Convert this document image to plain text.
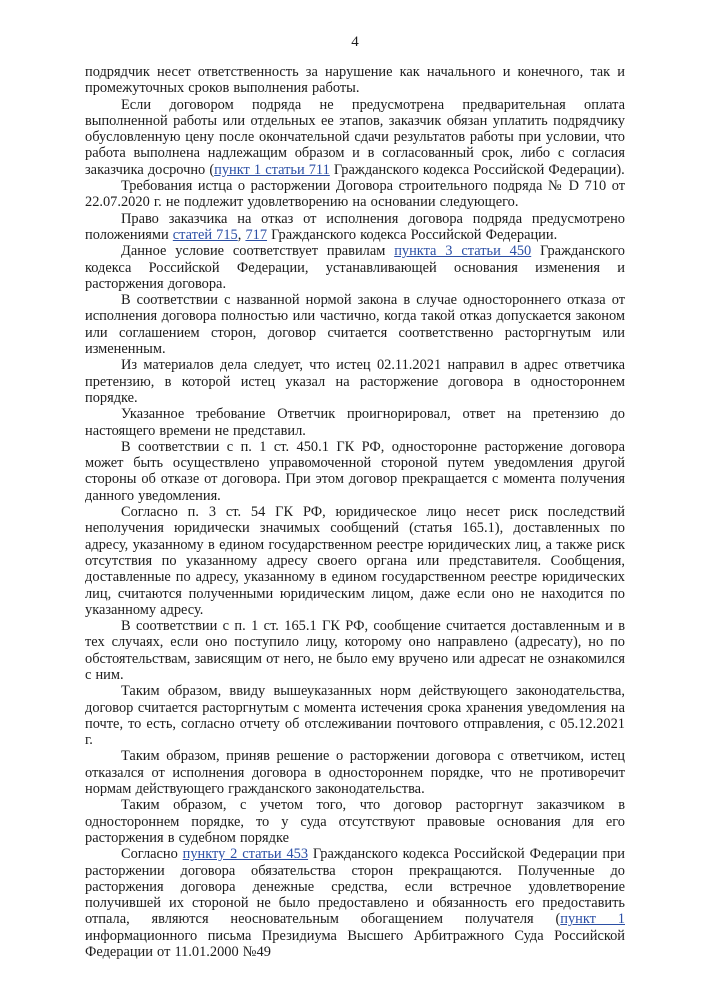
4

подрядчик несет ответственность за нарушение как начального и конечного, так и промежуточных сроков выполнения работы.

Если договором подряда не предусмотрена предварительная оплата выполненной работы или отдельных ее этапов, заказчик обязан уплатить подрядчику обусловленную цену после окончательной сдачи результатов работы при условии, что работа выполнена надлежащим образом и в согласованный срок, либо с согласия заказчика досрочно (пункт 1 статьи 711 Гражданского кодекса Российской Федерации).

Требования истца о расторжении Договора строительного подряда № D 710 от 22.07.2020 г. не подлежит удовлетворению на основании следующего.

Право заказчика на отказ от исполнения договора подряда предусмотрено положениями статей 715, 717 Гражданского кодекса Российской Федерации.

Данное условие соответствует правилам пункта 3 статьи 450 Гражданского кодекса Российской Федерации, устанавливающей основания изменения и расторжения договора.

В соответствии с названной нормой закона в случае одностороннего отказа от исполнения договора полностью или частично, когда такой отказ допускается законом или соглашением сторон, договор считается соответственно расторгнутым или измененным.

Из материалов дела следует, что истец 02.11.2021 направил в адрес ответчика претензию, в которой истец указал на расторжение договора в одностороннем порядке.

Указанное требование Ответчик проигнорировал, ответ на претензию до настоящего времени не представил.

В соответствии с п. 1 ст. 450.1 ГК РФ, односторонне расторжение договора может быть осуществлено управомоченной стороной путем уведомления другой стороны об отказе от договора. При этом договор прекращается с момента получения данного уведомления.

Согласно п. 3 ст. 54 ГК РФ, юридическое лицо несет риск последствий неполучения юридически значимых сообщений (статья 165.1), доставленных по адресу, указанному в едином государственном реестре юридических лиц, а также риск отсутствия по указанному адресу своего органа или представителя. Сообщения, доставленные по адресу, указанному в едином государственном реестре юридических лиц, считаются полученными юридическим лицом, даже если оно не находится по указанному адресу.

В соответствии с п. 1 ст. 165.1 ГК РФ, сообщение считается доставленным и в тех случаях, если оно поступило лицу, которому оно направлено (адресату), но по обстоятельствам, зависящим от него, не было ему вручено или адресат не ознакомился с ним.

Таким образом, ввиду вышеуказанных норм действующего законодательства, договор считается расторгнутым с момента истечения срока хранения уведомления на почте, то есть, согласно отчету об отслеживании почтового отправления, с 05.12.2021 г.

Таким образом, приняв решение о расторжении договора с ответчиком, истец отказался от исполнения договора в одностороннем порядке, что не противоречит нормам действующего гражданского законодательства.

Таким образом, с учетом того, что договор расторгнут заказчиком в одностороннем порядке, то у суда отсутствуют правовые основания для его расторжения в судебном порядке

Согласно пункту 2 статьи 453 Гражданского кодекса Российской Федерации при расторжении договора обязательства сторон прекращаются. Полученные до расторжения договора денежные средства, если встречное удовлетворение получившей их стороной не было предоставлено и обязанность его предоставить отпала, являются неосновательным обогащением получателя (пункт 1 информационного письма Президиума Высшего Арбитражного Суда Российской Федерации от 11.01.2000 №49
